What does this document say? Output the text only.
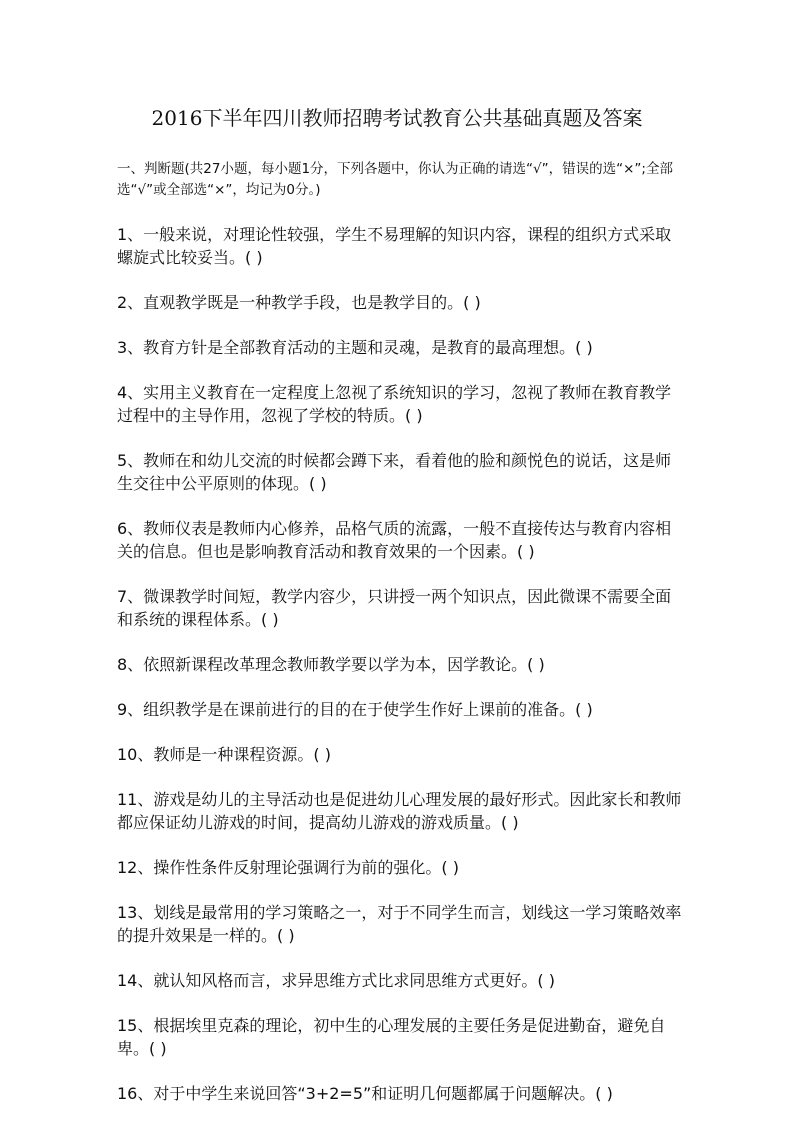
2016下半年四川教师招聘考试教育公共基础真题及答案
一、判断题(共27小题，每小题1分，下列各题中，你认为正确的请选“√”，错误的选“×”;全部选“√”或全部选“×”，均记为0分。)

1、一般来说，对理论性较强，学生不易理解的知识内容，课程的组织方式采取螺旋式比较妥当。( )

2、直观教学既是一种教学手段，也是教学目的。( )

3、教育方针是全部教育活动的主题和灵魂，是教育的最高理想。( )

4、实用主义教育在一定程度上忽视了系统知识的学习，忽视了教师在教育教学过程中的主导作用，忽视了学校的特质。( )

5、教师在和幼儿交流的时候都会蹲下来，看着他的脸和颜悦色的说话，这是师生交往中公平原则的体现。( )

6、教师仪表是教师内心修养，品格气质的流露，一般不直接传达与教育内容相关的信息。但也是影响教育活动和教育效果的一个因素。( )

7、微课教学时间短，教学内容少，只讲授一两个知识点，因此微课不需要全面和系统的课程体系。( )

8、依照新课程改革理念教师教学要以学为本，因学教论。( )

9、组织教学是在课前进行的目的在于使学生作好上课前的准备。( )

10、教师是一种课程资源。( )

11、游戏是幼儿的主导活动也是促进幼儿心理发展的最好形式。因此家长和教师都应保证幼儿游戏的时间，提高幼儿游戏的游戏质量。( )

12、操作性条件反射理论强调行为前的强化。( )

13、划线是最常用的学习策略之一，对于不同学生而言，划线这一学习策略效率的提升效果是一样的。( )

14、就认知风格而言，求异思维方式比求同思维方式更好。( )

15、根据埃里克森的理论，初中生的心理发展的主要任务是促进勤奋，避免自卑。( )

16、对于中学生来说回答“3+2=5”和证明几何题都属于问题解决。( )
